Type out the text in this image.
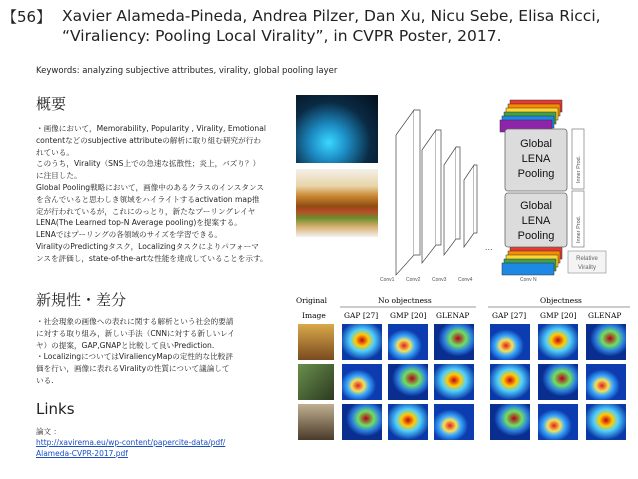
【56】 Xavier Alameda-Pineda, Andrea Pilzer, Dan Xu, Nicu Sebe, Elisa Ricci,
“Viraliency: Pooling Local Virality”, in CVPR Poster, 2017.
Keywords: analyzing subjective attributes, virality, global pooling layer
概要
・画像において，Memorability, Popularity , Virality, Emotional
contentなどのsubjective attributeの解析に取り組む研究が行わ
れている。
このうち，Virality（SNS上での急速な拡散性；炎上，バズり？）
に注目した。
Global Pooling戦略において，画像中のあるクラスのインスタンス
を含んでいると思わしき領域をハイライトするactivation map推
定が行われているが，これにのっとり，新たなプーリングレイヤ
LENA(The Learned top-N Average pooling)を提案する。
LENAではプーリングの各領域のサイズを学習できる。
ViralityのPredictingタスク，Localizingタスクによりパフォーマ
ンスを評価し，state-of-the-artな性能を達成していることを示す。
新規性・差分
・社会現象の画像への表れに関する解析という社会的要請
に対する取り組み，新しい手法（CNNに対する新しいレイ
ヤ）の提案，GAP,GNAPと比較して良いPrediction.
・LocalizingについてはViraliencyMapの定性的な比較評
価を行い，画像に表れるViralityの性質について議論して
いる.
Links
論文 ：
http://xavirema.eu/wp-content/papercite-data/pdf/
Alameda-CVPR-2017.pdf
Conv1 Conv2 Conv3 Conv4
...
Conv N
Global
LENA
Pooling
Global
LENA
Pooling
Inner Prod.
Inner Prod.
Relative
Virality
Original
Image
No objectness	Objectness
GAP [27] GMP [20] GLENAP	GAP [27] GMP [20] GLENAP
